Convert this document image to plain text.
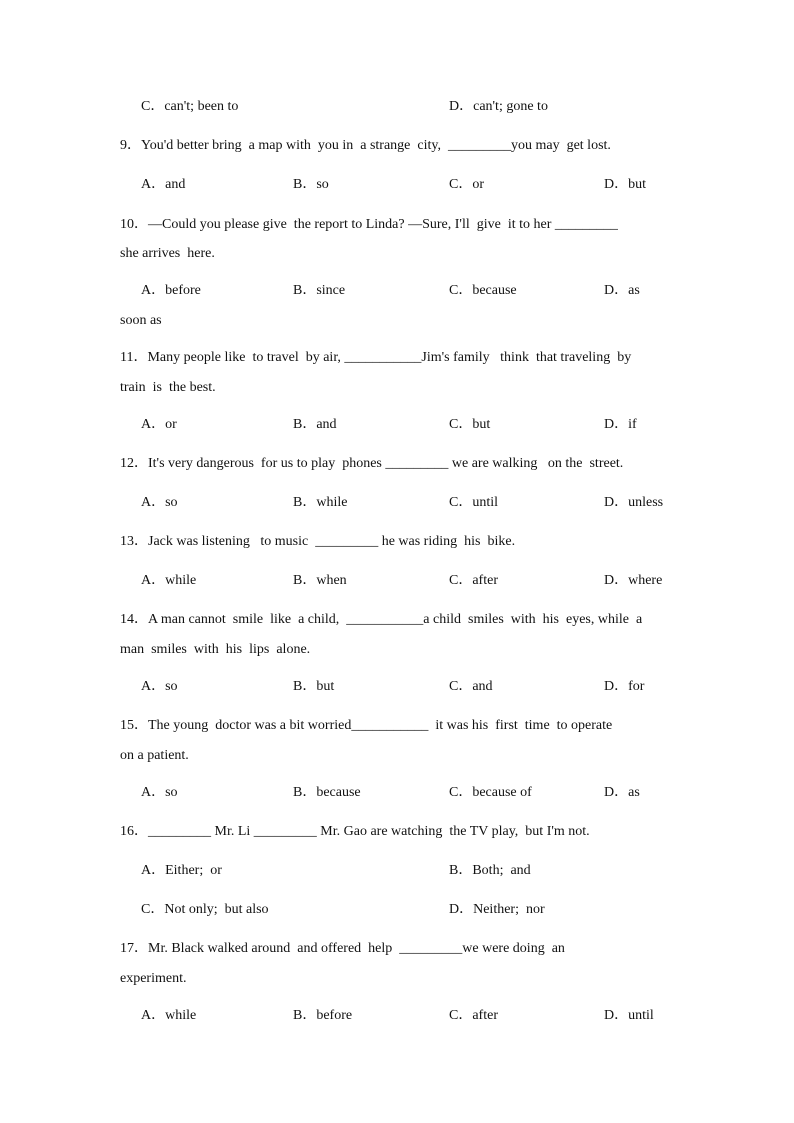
C．can't; been to	D．can't; gone to
9．You'd better bring  a map with  you in  a strange  city,  _________you may  get lost.
A．and	B．so	C．or	D．but
10．—Could you please give  the report to Linda? —Sure, I'll  give  it to her _________
she arrives  here.
A．before	B．since	C．because	D．as
soon as
11．Many people like  to travel  by air, ___________Jim's family   think  that traveling  by
train  is  the best.
A．or	B．and	C．but	D．if
12．It's very dangerous  for us to play  phones _________ we are walking   on the  street.
A．so	B．while	C．until	D．unless
13．Jack was listening   to music  _________ he was riding  his  bike.
A．while	B．when	C．after	D．where
14．A man cannot  smile  like  a child,  ___________a child  smiles  with  his  eyes, while  a
man  smiles  with  his  lips  alone.
A．so	B．but	C．and	D．for
15．The young  doctor was a bit worried___________  it was his  first  time  to operate
on a patient.
A．so	B．because	C．because of	D．as
16．_________ Mr. Li _________ Mr. Gao are watching  the TV play,  but I'm not.
A．Either;  or	B．Both;  and
C．Not only;  but also	D．Neither;  nor
17．Mr. Black walked around  and offered  help  _________we were doing  an
experiment.
A．while	B．before	C．after	D．until
